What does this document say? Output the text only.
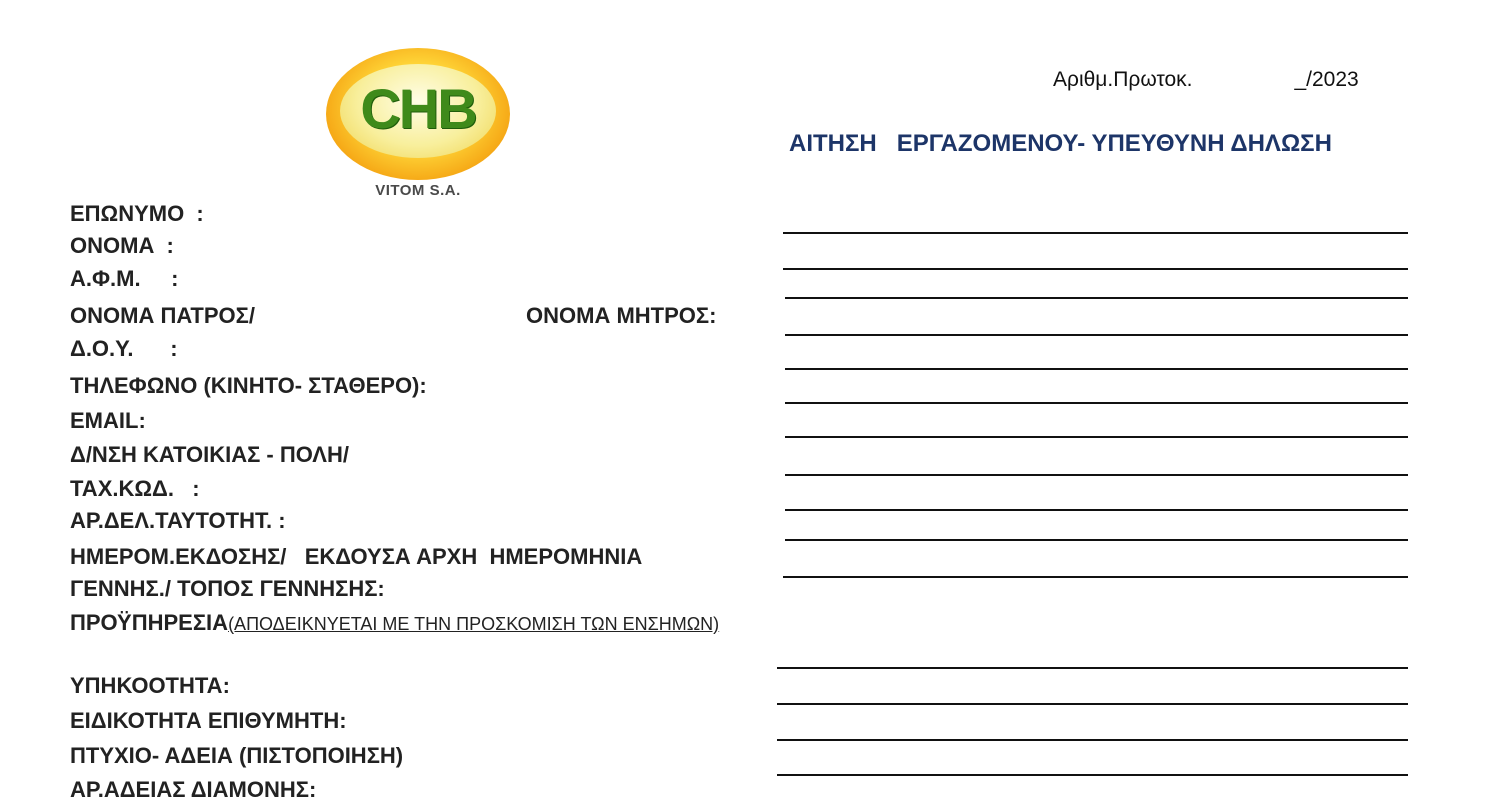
CHB
VITOM S.A.
Αριθμ.Πρωτοκ.	_/2023
ΑΙΤΗΣΗ   ΕΡΓΑΖΟΜΕΝΟΥ- ΥΠΕΥΘΥΝΗ ΔΗΛΩΣΗ
ΕΠΩΝΥΜΟ  :
ΟΝΟΜΑ  :
Α.Φ.Μ.     :
ΟΝΟΜΑ ΠΑΤΡΟΣ/	ΟΝΟΜΑ ΜΗΤΡΟΣ:
Δ.Ο.Υ.      :
ΤΗΛΕΦΩΝΟ (ΚΙΝΗΤΟ- ΣΤΑΘΕΡΟ):
EMAIL:
Δ/ΝΣΗ ΚΑΤΟΙΚΙΑΣ - ΠΟΛΗ/
ΤΑΧ.ΚΩΔ.   :
ΑΡ.ΔΕΛ.ΤΑΥΤΟΤΗΤ. :
ΗΜΕΡΟΜ.ΕΚΔΟΣΗΣ/   ΕΚΔΟΥΣΑ ΑΡΧΗ  ΗΜΕΡΟΜΗΝΙΑ
ΓΕΝΝΗΣ./ ΤΟΠΟΣ ΓΕΝΝΗΣΗΣ:
ΠΡΟΫΠΗΡΕΣΙΑ(ΑΠΟΔΕΙΚΝΥΕΤΑΙ ΜΕ ΤΗΝ ΠΡΟΣΚΟΜΙΣΗ ΤΩΝ ΕΝΣΗΜΩΝ)
ΥΠΗΚΟΟΤΗΤΑ:
ΕΙΔΙΚΟΤΗΤΑ ΕΠΙΘΥΜΗΤΗ:
ΠΤΥΧΙΟ- ΑΔΕΙΑ (ΠΙΣΤΟΠΟΙΗΣΗ)
ΑΡ.ΑΔΕΙΑΣ ΔΙΑΜΟΝΗΣ:
